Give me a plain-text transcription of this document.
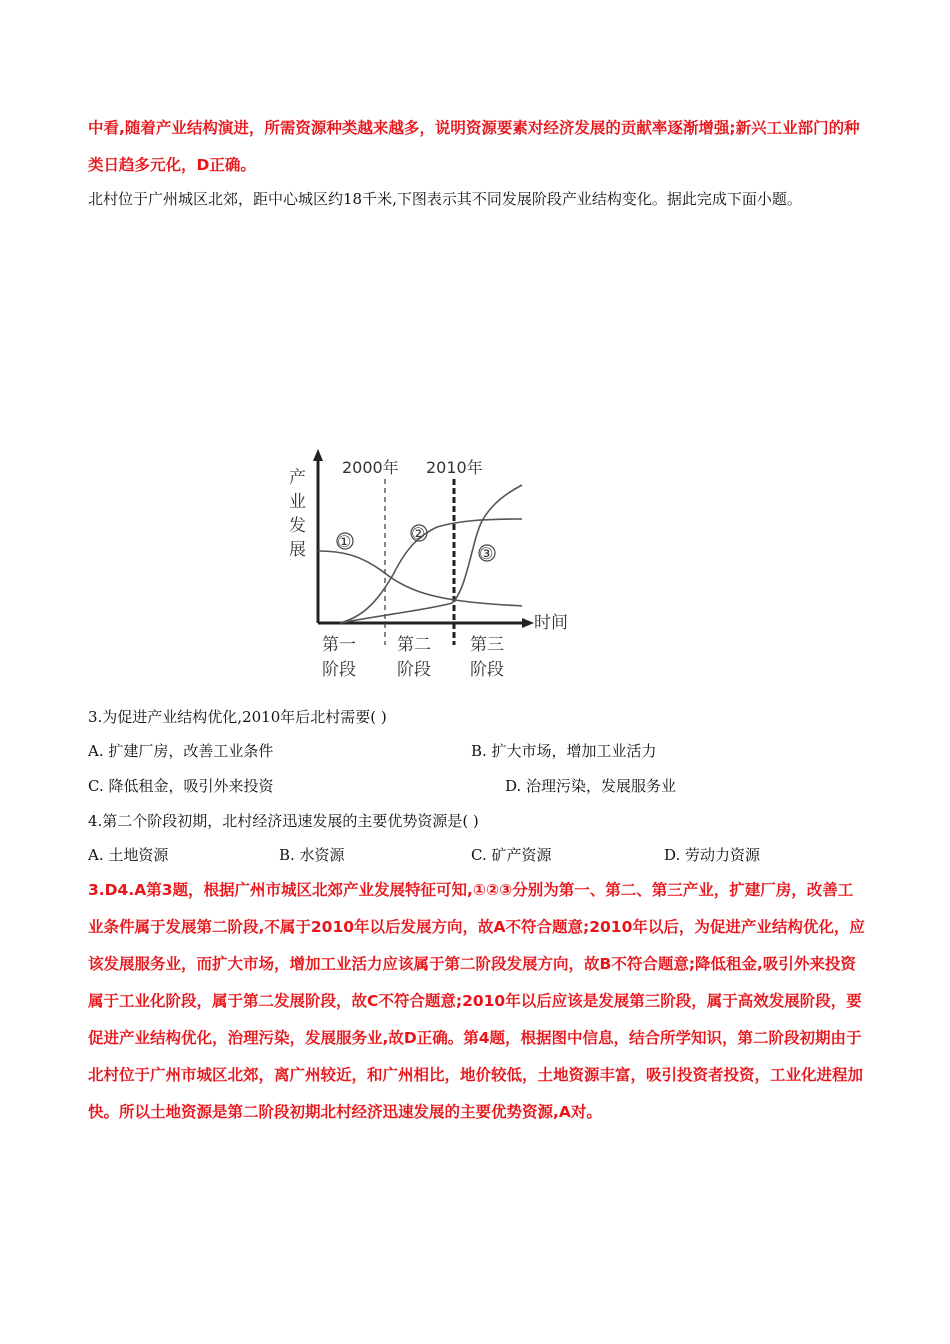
中看,随着产业结构演进，所需资源种类越来越多，说明资源要素对经济发展的贡献率逐渐增强;新兴工业部门的种类日趋多元化，D正确。
北村位于广州城区北郊，距中心城区约18千米,下图表示其不同发展阶段产业结构变化。据此完成下面小题。
产
业
发
展
时间
2000年 2010年
①	②
③
第一
阶段
第二
阶段
第三
阶段
3.为促进产业结构优化,2010年后北村需要( )
A. 扩建厂房，改善工业条件	B. 扩大市场，增加工业活力
C. 降低租金，吸引外来投资	D. 治理污染，发展服务业
4.第二个阶段初期，北村经济迅速发展的主要优势资源是( )
A. 土地资源	B. 水资源	C. 矿产资源	D. 劳动力资源
3.D4.A第3题，根据广州市城区北郊产业发展特征可知,①②③分别为第一、第二、第三产业，扩建厂房，改善工业条件属于发展第二阶段,不属于2010年以后发展方向，故A不符合题意;2010年以后，为促进产业结构优化，应该发展服务业，而扩大市场，增加工业活力应该属于第二阶段发展方向，故B不符合题意;降低租金,吸引外来投资属于工业化阶段，属于第二发展阶段，故C不符合题意;2010年以后应该是发展第三阶段，属于高效发展阶段，要促进产业结构优化，治理污染，发展服务业,故D正确。第4题，根据图中信息，结合所学知识，第二阶段初期由于北村位于广州市城区北郊，离广州较近，和广州相比，地价较低，土地资源丰富，吸引投资者投资，工业化进程加快。所以土地资源是第二阶段初期北村经济迅速发展的主要优势资源,A对。
